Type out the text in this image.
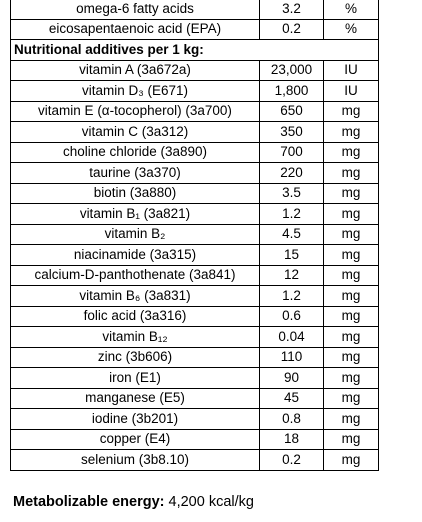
omega-6 fatty acids	3.2	%
eicosapentaenoic acid (EPA)	0.2	%
Nutritional additives per 1 kg:		
vitamin A (3a672a)	23,000	IU
vitamin D₃ (E671)	1,800	IU
vitamin E (α-tocopherol) (3a700)	650	mg
vitamin C (3a312)	350	mg
choline chloride (3a890)	700	mg
taurine (3a370)	220	mg
biotin (3a880)	3.5	mg
vitamin B₁ (3a821)	1.2	mg
vitamin B₂	4.5	mg
niacinamide (3a315)	15	mg
calcium-D-panthothenate (3a841)	12	mg
vitamin B₆ (3a831)	1.2	mg
folic acid (3a316)	0.6	mg
vitamin B₁₂	0.04	mg
zinc (3b606)	110	mg
iron (E1)	90	mg
manganese (E5)	45	mg
iodine (3b201)	0.8	mg
copper (E4)	18	mg
selenium (3b8.10)	0.2	mg
Metabolizable energy: 4,200 kcal/kg
